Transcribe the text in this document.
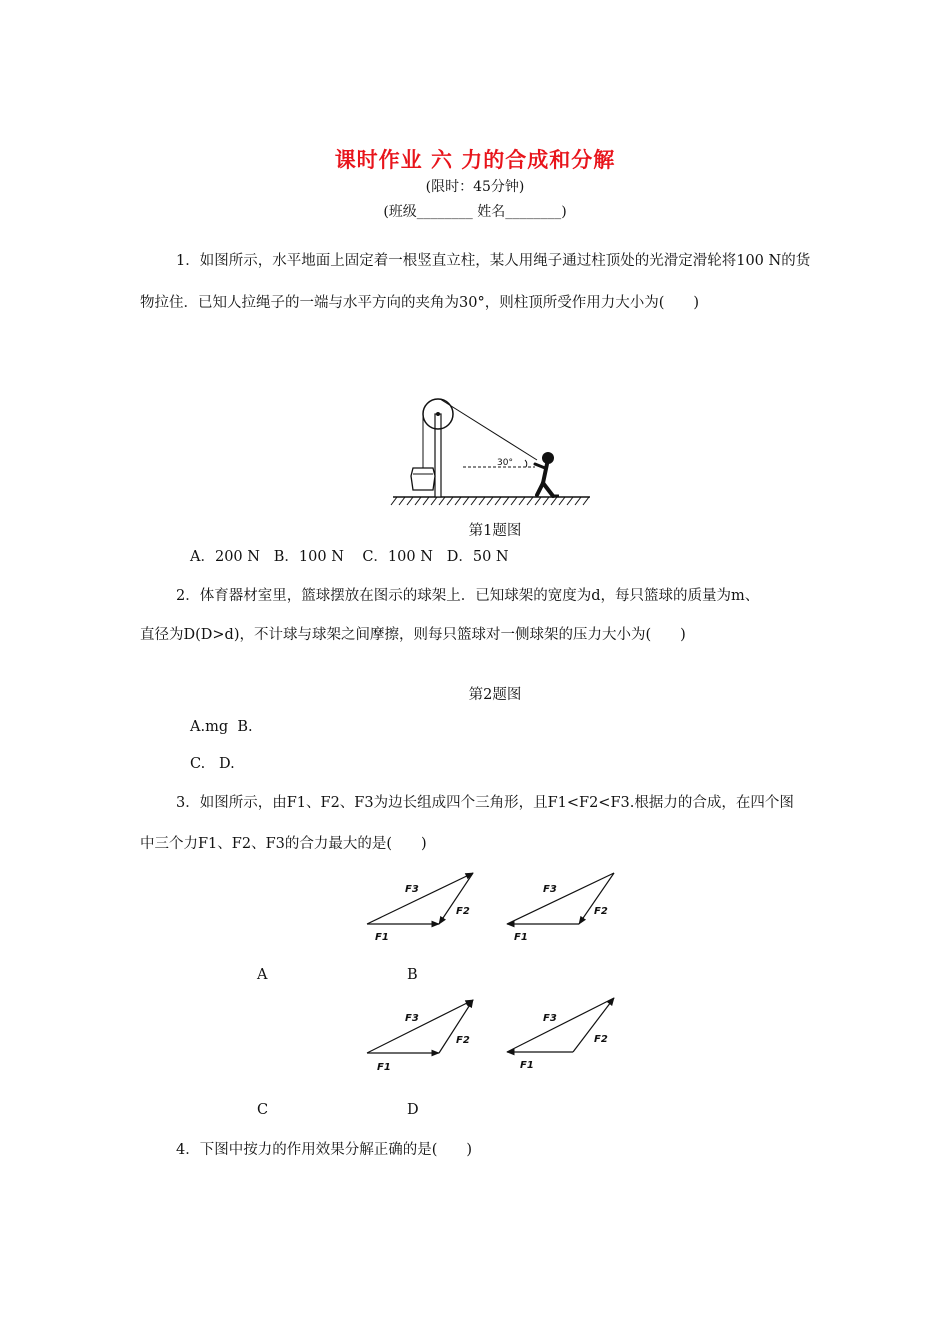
课时作业 六 力的合成和分解
(限时：45分钟)
(班级________ 姓名________)
1．如图所示，水平地面上固定着一根竖直立柱，某人用绳子通过柱顶处的光滑定滑轮将100 N的货物拉住．已知人拉绳子的一端与水平方向的夹角为30°，则柱顶所受作用力大小为(　　)
30°
第1题图
A．200 N   B．100 N    C．100 N   D．50 N
2．体育器材室里，篮球摆放在图示的球架上．已知球架的宽度为d，每只篮球的质量为m、
直径为D(D>d)，不计球与球架之间摩擦，则每只篮球对一侧球架的压力大小为(　　)
第2题图
A.mg  B.
C.   D.
3．如图所示，由F1、F2、F3为边长组成四个三角形，且F1<F2<F3.根据力的合成，在四个图
中三个力F1、F2、F3的合力最大的是(　　)
F3
F2
F1
F3
F2
F1
F3
F2
F1
F3
F2
F1
A	B
C	D
4．下图中按力的作用效果分解正确的是(　　)
